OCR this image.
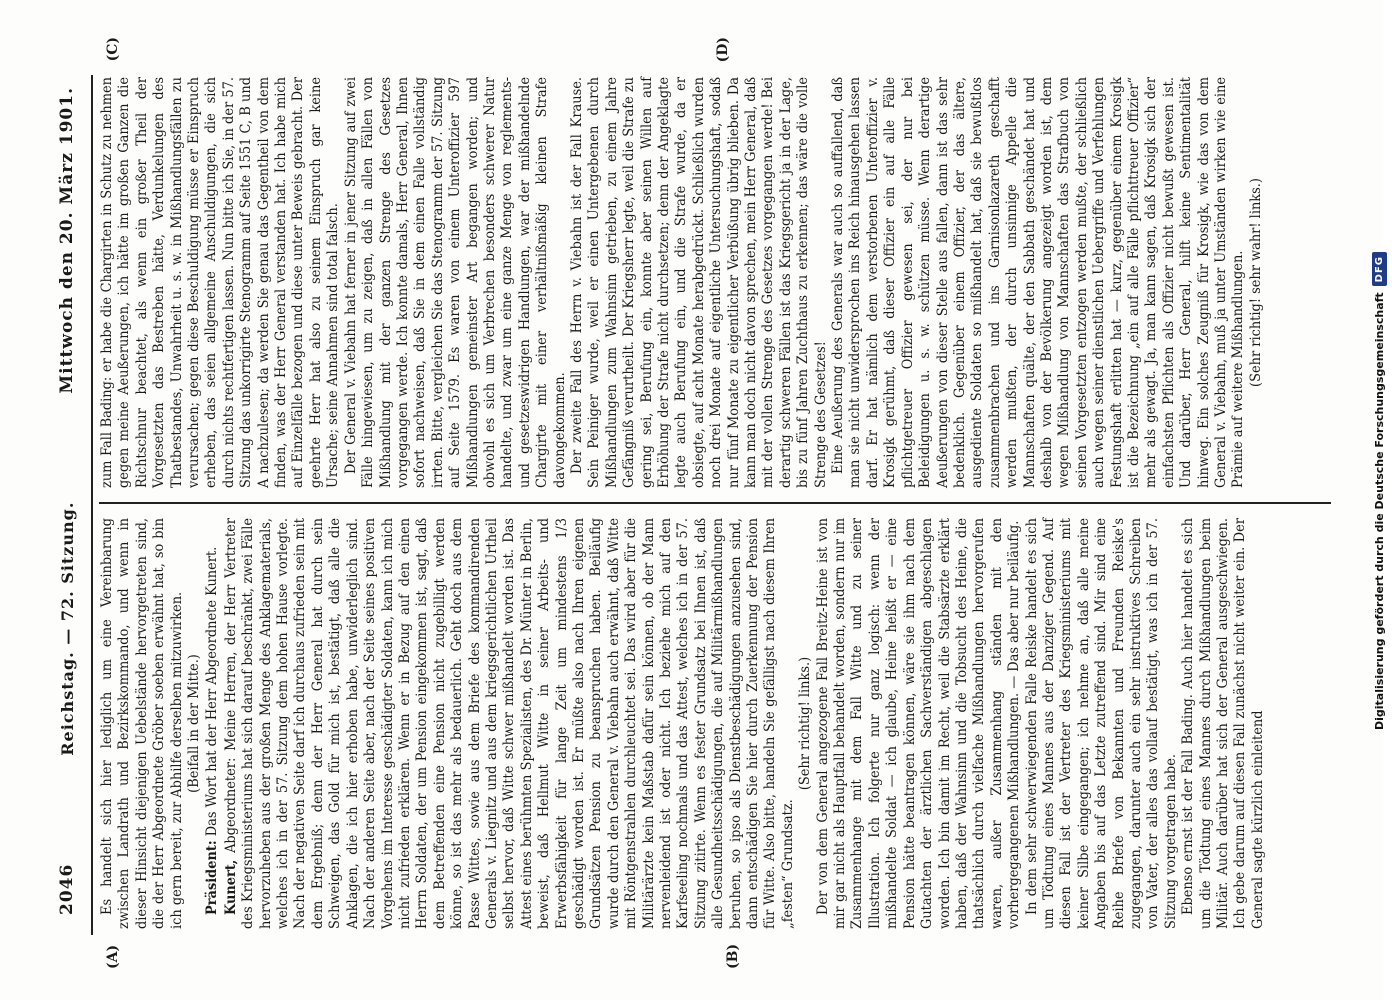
2046
Reichstag. — 72. Sitzung.
Mittwoch den 20. März 1901.

Es handelt sich hier lediglich um eine Vereinbarung zwischen Landrath und Bezirkskommando, und wenn in dieser Hinsicht diejenigen Uebelstände hervorgetreten sind, die der Herr Abgeordnete Gröber soeben erwähnt hat, so bin ich gern bereit, zur Abhilfe derselben mitzuwirken. (Beifall in der Mitte.)

Präsident: Das Wort hat der Herr Abgeordnete Kunert.

Kunert, Abgeordneter: Meine Herren, der Herr Vertreter des Kriegsministeriums hat sich darauf beschränkt, zwei Fälle hervorzuheben aus der großen Menge des Anklagematerials, welches ich in der 57. Sitzung dem hohen Hause vorlegte. Nach der negativen Seite darf ich durchaus zufrieden sein mit dem Ergebniß; denn der Herr General hat durch sein Schweigen, das Gold für mich ist, bestätigt, daß alle die Anklagen, die ich hier erhoben habe, unwiderleglich sind. Nach der anderen Seite aber, nach der Seite seines positiven Vorgehens im Interesse geschädigter Soldaten, kann ich mich nicht zufrieden erklären. Wenn er in Bezug auf den einen Herrn Soldaten, der um Pension eingekommen ist, sagt, daß dem Betreffenden eine Pension nicht zugebilligt werden könne, so ist das mehr als bedauerlich. Geht doch aus dem Passe Wittes, sowie aus dem Briefe des kommandirenden Generals v. Liegnitz und aus dem kriegsgerichtlichen Urtheil selbst hervor, daß Witte schwer mißhandelt worden ist. Das Attest eines berühmten Spezialisten, des Dr. Münter in Berlin, beweist, daß Hellmut Witte in seiner Arbeits- und Erwerbsfähigkeit für lange Zeit um mindestens 1/3 geschädigt worden ist. Er müßte also nach Ihren eigenen Grundsätzen Pension zu beanspruchen haben. Beiläufig wurde durch den General v. Viebahn auch erwähnt, daß Witte mit Röntgenstrahlen durchleuchtet sei. Das wird aber für die Militärärzte kein Maßstab dafür sein können, ob der Mann nervenleidend ist oder nicht. Ich beziehe mich auf den Karfseeling nochmals und das Attest, welches ich in der 57. Sitzung zitirte. Wenn es fester Grundsatz bei Ihnen ist, daß alle Gesundheitsschädigungen, die auf Militärmißhandlungen beruhen, so ipso als Dienstbeschädigungen anzusehen sind, dann entschädigen Sie hier durch Zuerkennung der Pension für Witte. Also bitte, handeln Sie gefälligst nach diesem Ihren „festen“ Grundsatz.

(Sehr richtig! links.) Der von dem General angezogene Fall Breitz-Heine ist von mir gar nicht als Hauptfall behandelt worden, sondern nur im Zusammenhange mit dem Fall Witte und zu seiner Illustration. Ich folgerte nur ganz logisch: wenn der mißhandelte Soldat — ich glaube, Heine heißt er — eine Pension hätte beantragen können, wäre sie ihm nach dem Gutachten der ärztlichen Sachverständigen abgeschlagen worden. Ich bin damit im Recht, weil die Stabsärzte erklärt haben, daß der Wahnsinn und die Tobsucht des Heine, die thatsächlich durch vielfache Mißhandlungen hervorgerufen waren, außer Zusammenhang ständen mit den vorhergegangenen Mißhandlungen. — Das aber nur beiläufig. In dem sehr schwerwiegenden Falle Reiske handelt es sich um Tödtung eines Mannes aus der Danziger Gegend. Auf diesen Fall ist der Vertreter des Kriegsministeriums mit keiner Silbe eingegangen; ich nehme an, daß alle meine Angaben bis auf das Letzte zutreffend sind. Mir sind eine Reihe Briefe von Bekannten und Freunden Reiske's zugegangen, darunter auch ein sehr instruktives Schreiben von Vater, der alles das vollauf bestätigt, was ich in der 57. Sitzung vorgetragen habe. Ebenso ernst ist der Fall Bading. Auch hier handelt es sich um die Tödtung eines Mannes durch Mißhandlungen beim Militär. Auch darüber hat sich der General ausgeschwiegen. Ich gebe darum auf diesen Fall zunächst nicht weiter ein. Der General sagte kürzlich einleitend

zum Fall Bading: er habe die Chargirten in Schutz zu nehmen gegen meine Aeußerungen, ich hätte im großen Ganzen die Richtschnur beachtet, als wenn ein großer Theil der Vorgesetzten das Bestreben hätte, Verdunkelungen des Thatbestandes, Unwahrheit u. s. w. in Mißhandlungsfällen zu verursachen; gegen diese Beschuldigung müsse er Einspruch erheben, das seien allgemeine Anschuldigungen, die sich durch nichts rechtfertigen lassen. Nun bitte ich Sie, in der 57. Sitzung das unkorrigirte Stenogramm auf Seite 1551 C, B und A nachzulesen; da werden Sie genau das Gegentheil von dem finden, was der Herr General verstanden hat. Ich habe mich auf Einzelfälle bezogen und diese unter Beweis gebracht. Der geehrte Herr hat also zu seinem Einspruch gar keine Ursache; seine Annahmen sind total falsch. Der General v. Viebahn hat ferner in jener Sitzung auf zwei Fälle hingewiesen, um zu zeigen, daß in allen Fällen von Mißhandlung mit der ganzen Strenge des Gesetzes vorgegangen werde. Ich konnte damals, Herr General, Ihnen sofort nachweisen, daß Sie in dem einen Falle vollständig irrten. Bitte, vergleichen Sie das Stenogramm der 57. Sitzung auf Seite 1579. Es waren von einem Unteroffizier 597 Mißhandlungen gemeinster Art begangen worden; und obwohl es sich um Verbrechen besonders schwerer Natur handelte, und zwar um eine ganze Menge von reglements- und gesetzeswidrigen Handlungen, war der mißhandelnde Chargirte mit einer verhältnißmäßig kleinen Strafe davongekommen. Der zweite Fall des Herrn v. Viebahn ist der Fall Krause. Sein Peiniger wurde, weil er einen Untergebenen durch Mißhandlungen zum Wahnsinn getrieben, zu einem Jahre Gefängniß verurtheilt. Der Kriegsherr legte, weil die Strafe zu gering sei, Berufung ein, konnte aber seinen Willen auf Erhöhung der Strafe nicht durchsetzen; denn der Angeklagte legte auch Berufung ein, und die Strafe wurde, da er obsiegte, auf acht Monate herabgedrückt. Schließlich wurden noch drei Monate auf eigentliche Untersuchungshaft, sodaß nur fünf Monate zu eigentlicher Verbüßung übrig blieben. Da kann man doch nicht davon sprechen, mein Herr General, daß mit der vollen Strenge des Gesetzes vorgegangen werde! Bei derartig schweren Fällen ist das Kriegsgericht ja in der Lage, bis zu fünf Jahren Zuchthaus zu erkennen; das wäre die volle Strenge des Gesetzes! Eine Aeußerung des Generals war auch so auffallend, daß man sie nicht unwidersprochen ins Reich hinausgehen lassen darf. Er hat nämlich dem verstorbenen Unteroffizier v. Krosigk gerühmt, daß dieser Offizier ein auf alle Fälle pflichtgetreuer Offizier gewesen sei, der nur bei Beleidigungen u. s. w. schützen müsse. Wenn derartige Aeußerungen von dieser Stelle aus fallen, dann ist das sehr bedenklich. Gegenüber einem Offizier, der das ältere, ausgediente Soldaten so mißhandelt hat, daß sie bewußtlos zusammenbrachen und ins Garnisonlazareth geschafft werden mußten, der durch unsinnige Appelle die Mannschaften quälte, der den Sabbath geschändet hat und deshalb von der Bevölkerung angezeigt worden ist, dem wegen Mißhandlung von Mannschaften das Strafbuch von seinen Vorgesetzten entzogen werden mußte, der schließlich auch wegen seiner dienstlichen Uebergriffe und Verfehlungen Festungshaft erlitten hat — kurz, gegenüber einem Krosigk ist die Bezeichnung „ein auf alle Fälle pflichttreuer Offizier“ mehr als gewagt. Ja, man kann sagen, daß Krosigk sich der einfachsten Pflichten als Offizier nicht bewußt gewesen ist. Und darüber, Herr General, hilft keine Sentimentalität hinweg. Ein solches Zeugniß für Krosigk, wie das von dem General v. Viebahn, muß ja unter Umständen wirken wie eine Prämie auf weitere Mißhandlungen. (Sehr richtig! sehr wahr! links.)

(A)	(B)
(C)	(D)
Digitalisierung gefördert durch die Deutsche Forschungsgemeinschaft
DFG
